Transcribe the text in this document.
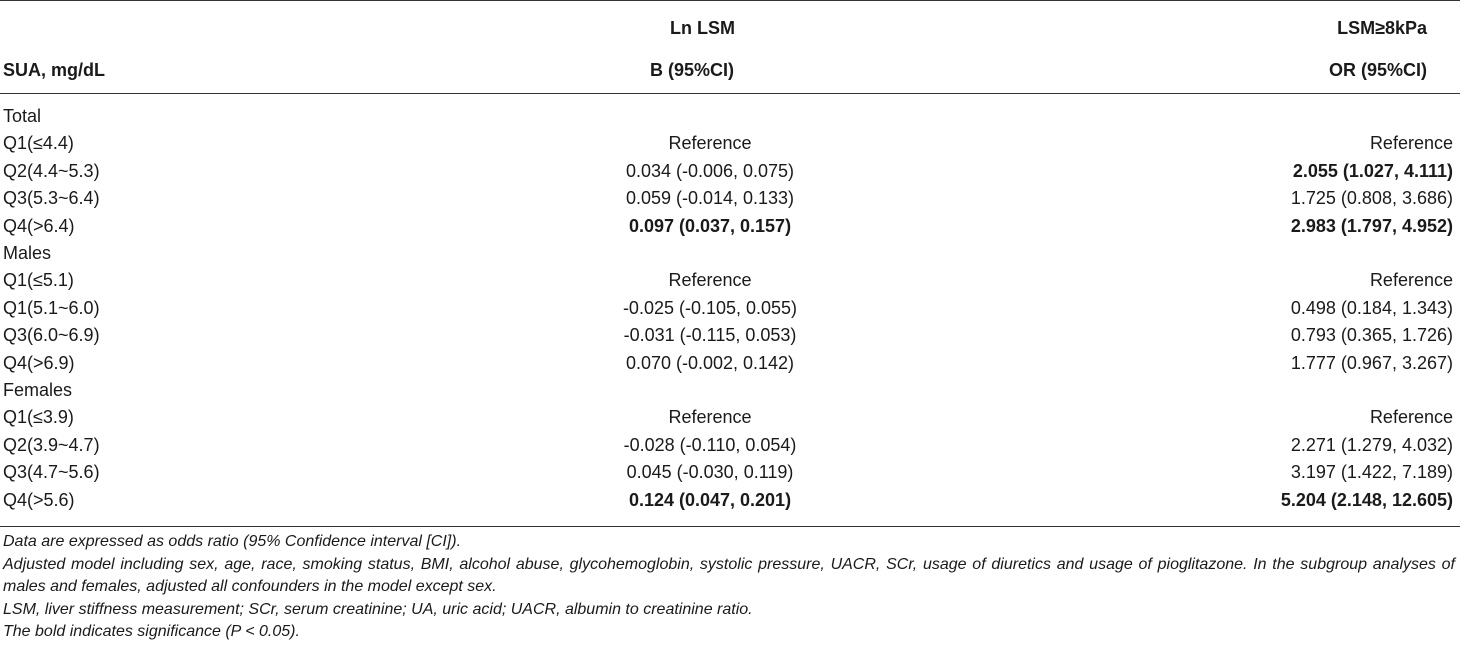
Ln LSM	LSM≥8kPa
SUA, mg/dL	B (95%CI)	OR (95%CI)
Total
Q1(≤4.4)	Reference	Reference
Q2(4.4~5.3)	0.034 (-0.006, 0.075)	2.055 (1.027, 4.111)
Q3(5.3~6.4)	0.059 (-0.014, 0.133)	1.725 (0.808, 3.686)
Q4(>6.4)	0.097 (0.037, 0.157)	2.983 (1.797, 4.952)
Males
Q1(≤5.1)	Reference	Reference
Q1(5.1~6.0)	-0.025 (-0.105, 0.055)	0.498 (0.184, 1.343)
Q3(6.0~6.9)	-0.031 (-0.115, 0.053)	0.793 (0.365, 1.726)
Q4(>6.9)	0.070 (-0.002, 0.142)	1.777 (0.967, 3.267)
Females
Q1(≤3.9)	Reference	Reference
Q2(3.9~4.7)	-0.028 (-0.110, 0.054)	2.271 (1.279, 4.032)
Q3(4.7~5.6)	0.045 (-0.030, 0.119)	3.197 (1.422, 7.189)
Q4(>5.6)	0.124 (0.047, 0.201)	5.204 (2.148, 12.605)

Data are expressed as odds ratio (95% Confidence interval [CI]).

Adjusted model including sex, age, race, smoking status, BMI, alcohol abuse, glycohemoglobin, systolic pressure, UACR, SCr, usage of diuretics and usage of pioglitazone. In the subgroup analyses of males and females, adjusted all confounders in the model except sex.

LSM, liver stiffness measurement; SCr, serum creatinine; UA, uric acid; UACR, albumin to creatinine ratio.

The bold indicates significance (P < 0.05).
